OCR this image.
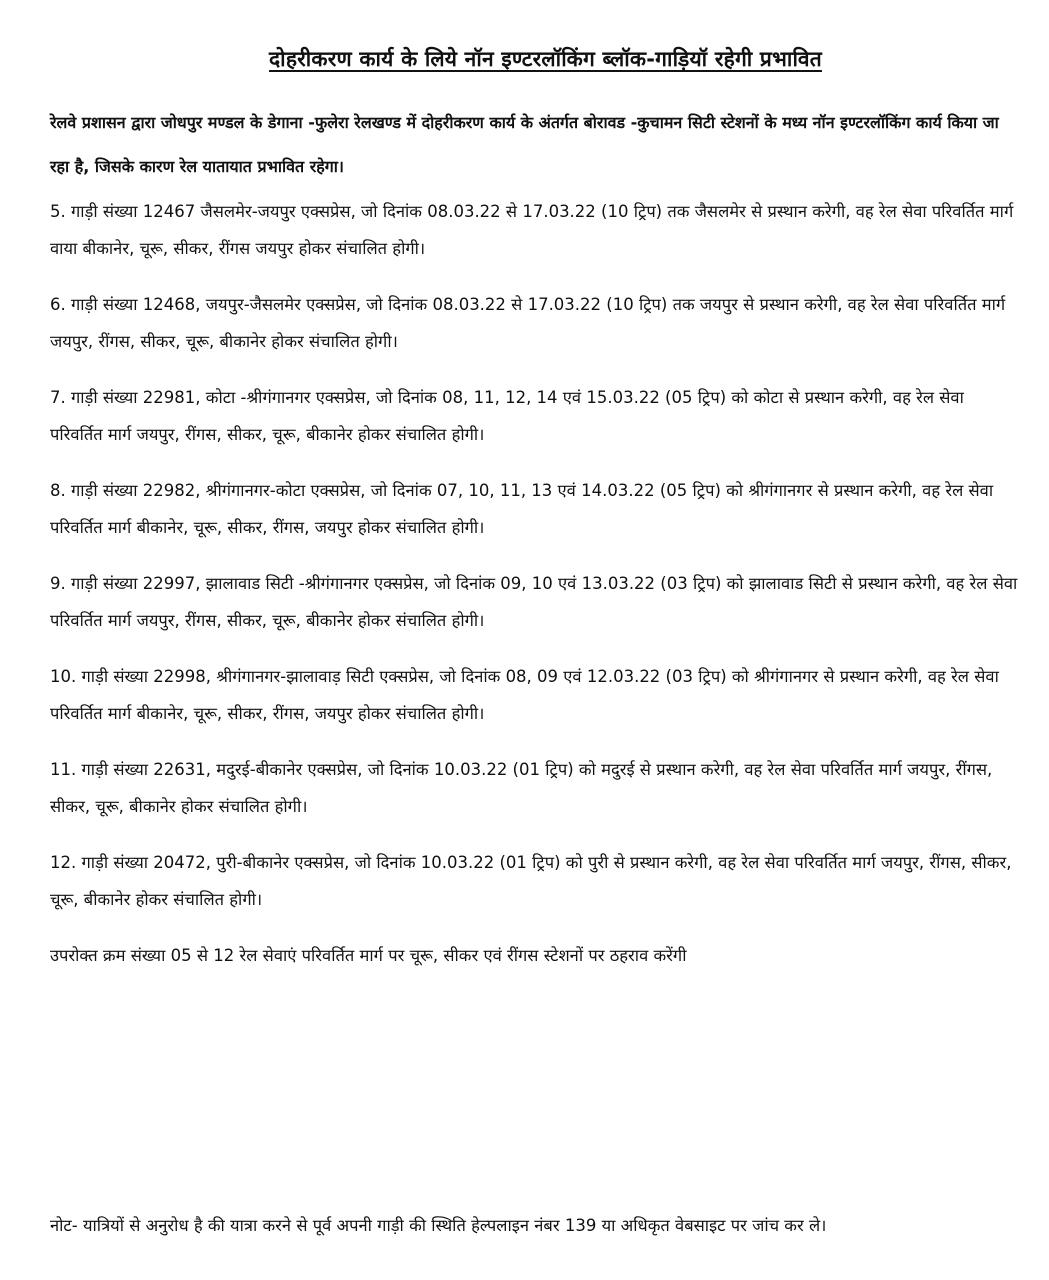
दोहरीकरण कार्य के लिये नॉन इण्टरलॉकिंग ब्लॉक-गाड़ियॉ रहेगी प्रभावित

रेलवे प्रशासन द्वारा जोधपुर मण्डल के डेगाना -फुलेरा रेलखण्ड में दोहरीकरण कार्य के अंतर्गत बोरावड -कुचामन सिटी स्टेशनों के मध्य नॉन इण्टरलॉकिंग कार्य किया जा रहा है, जिसके कारण रेल यातायात प्रभावित रहेगा।

5. गाड़ी संख्या 12467 जैसलमेर-जयपुर एक्सप्रेस, जो दिनांक 08.03.22 से 17.03.22 (10 ट्रिप) तक जैसलमेर से प्रस्थान करेगी, वह रेल सेवा परिवर्तित मार्ग वाया बीकानेर, चूरू, सीकर, रींगस जयपुर होकर संचालित होगी।

6. गाड़ी संख्या 12468, जयपुर-जैसलमेर एक्सप्रेस, जो दिनांक 08.03.22 से 17.03.22 (10 ट्रिप) तक जयपुर से प्रस्थान करेगी, वह रेल सेवा परिवर्तित मार्ग जयपुर, रींगस, सीकर, चूरू, बीकानेर होकर संचालित होगी।

7. गाड़ी संख्या 22981, कोटा -श्रीगंगानगर एक्सप्रेस, जो दिनांक 08, 11, 12, 14 एवं 15.03.22 (05 ट्रिप) को कोटा से प्रस्थान करेगी, वह रेल सेवा परिवर्तित मार्ग जयपुर, रींगस, सीकर, चूरू, बीकानेर होकर संचालित होगी।

8. गाड़ी संख्या 22982, श्रीगंगानगर-कोटा एक्सप्रेस, जो दिनांक 07, 10, 11, 13 एवं 14.03.22 (05 ट्रिप) को श्रीगंगानगर से प्रस्थान करेगी, वह रेल सेवा परिवर्तित मार्ग बीकानेर, चूरू, सीकर, रींगस, जयपुर होकर संचालित होगी।

9. गाड़ी संख्या 22997, झालावाड सिटी -श्रीगंगानगर एक्सप्रेस, जो दिनांक 09, 10 एवं 13.03.22 (03 ट्रिप) को झालावाड सिटी से प्रस्थान करेगी, वह रेल सेवा परिवर्तित मार्ग जयपुर, रींगस, सीकर, चूरू, बीकानेर होकर संचालित होगी।

10. गाड़ी संख्या 22998, श्रीगंगानगर-झालावाड़ सिटी एक्सप्रेस, जो दिनांक 08, 09 एवं 12.03.22 (03 ट्रिप) को श्रीगंगानगर से प्रस्थान करेगी, वह रेल सेवा परिवर्तित मार्ग बीकानेर, चूरू, सीकर, रींगस, जयपुर होकर संचालित होगी।

11. गाड़ी संख्या 22631, मदुरई-बीकानेर एक्सप्रेस, जो दिनांक 10.03.22 (01 ट्रिप) को मदुरई से प्रस्थान करेगी, वह रेल सेवा परिवर्तित मार्ग जयपुर, रींगस, सीकर, चूरू, बीकानेर होकर संचालित होगी।

12. गाड़ी संख्या 20472, पुरी-बीकानेर एक्सप्रेस, जो दिनांक 10.03.22 (01 ट्रिप) को पुरी से प्रस्थान करेगी, वह रेल सेवा परिवर्तित मार्ग जयपुर, रींगस, सीकर, चूरू, बीकानेर होकर संचालित होगी।

उपरोक्त क्रम संख्या 05 से 12 रेल सेवाएं परिवर्तित मार्ग पर चूरू, सीकर एवं रींगस स्टेशनों पर ठहराव करेंगी

नोट- यात्रियों से अनुरोध है की यात्रा करने से पूर्व अपनी गाड़ी की स्थिति हेल्पलाइन नंबर 139 या अधिकृत वेबसाइट पर जांच कर ले।
